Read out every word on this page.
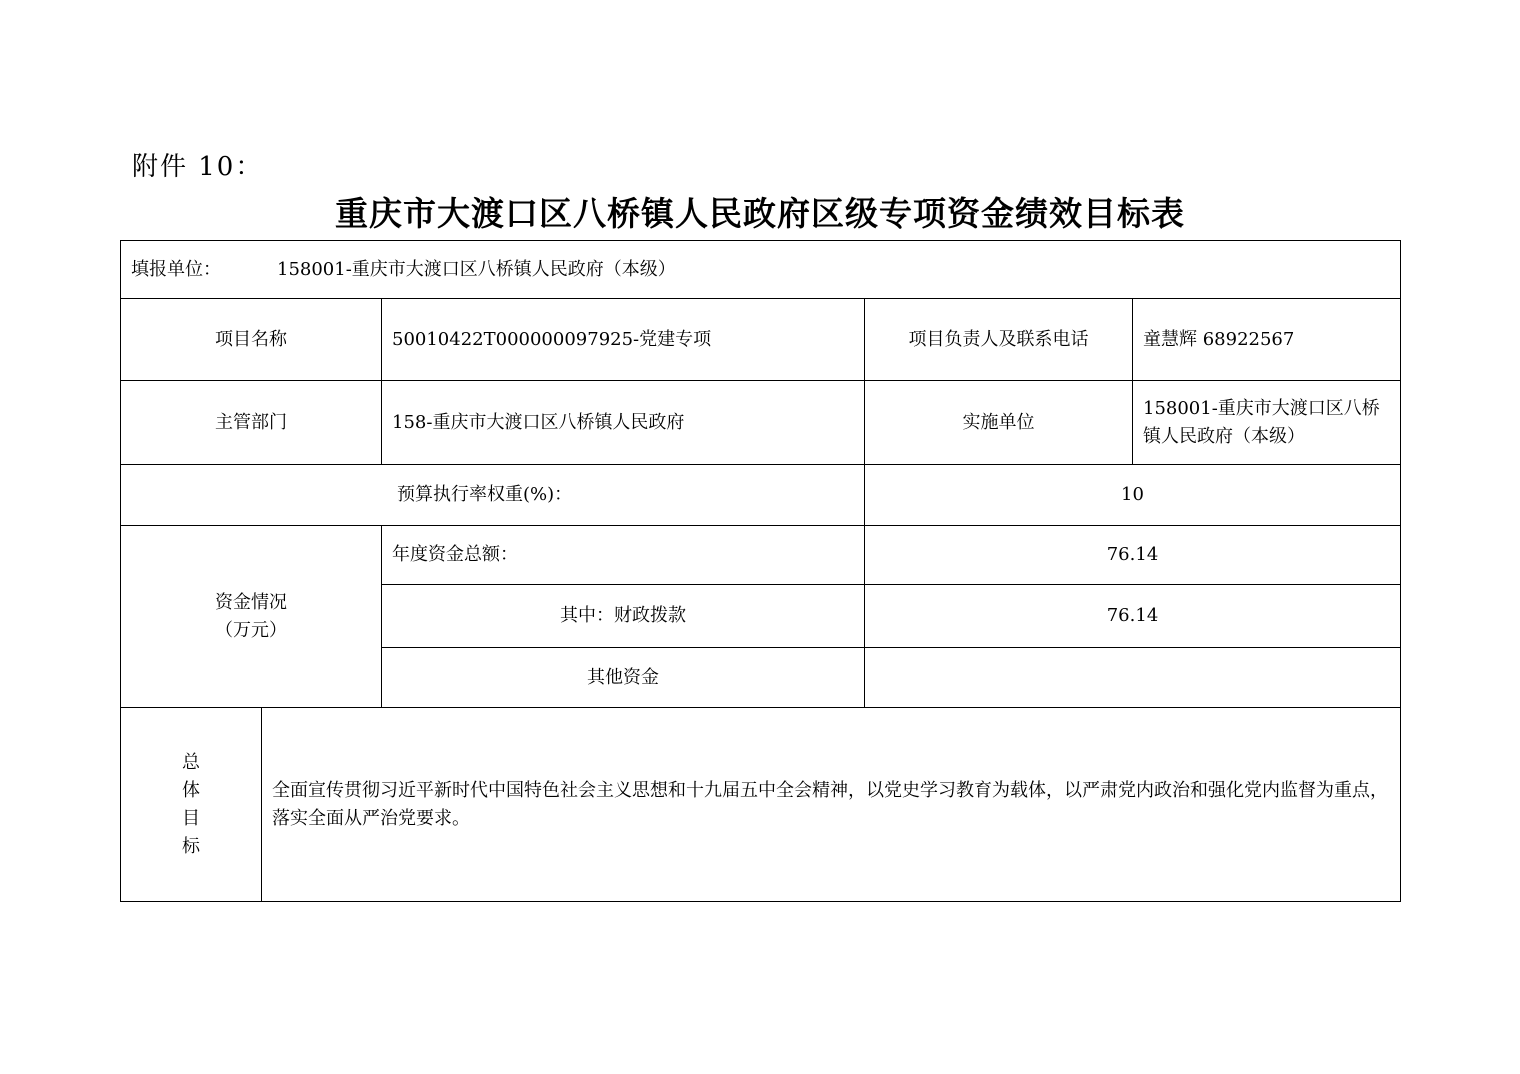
附件 10：
重庆市大渡口区八桥镇人民政府区级专项资金绩效目标表
填报单位： 158001-重庆市大渡口区八桥镇人民政府（本级）				
项目名称		50010422T000000097925-党建专项	项目负责人及联系电话	童慧辉 68922567
主管部门		158-重庆市大渡口区八桥镇人民政府	实施单位	158001-重庆市大渡口区八桥
镇人民政府（本级）
预算执行率权重(%)：			10	
资金情况
（万元）		年度资金总额：	76.14	
		其中：财政拨款	76.14	
		其他资金		

总
体
目
标	全面宣传贯彻习近平新时代中国特色社会主义思想和十九届五中全会精神，以党史学习教育为载体，以严肃党内政治和强化党内监督为重点，落实全面从严治党要求。			
